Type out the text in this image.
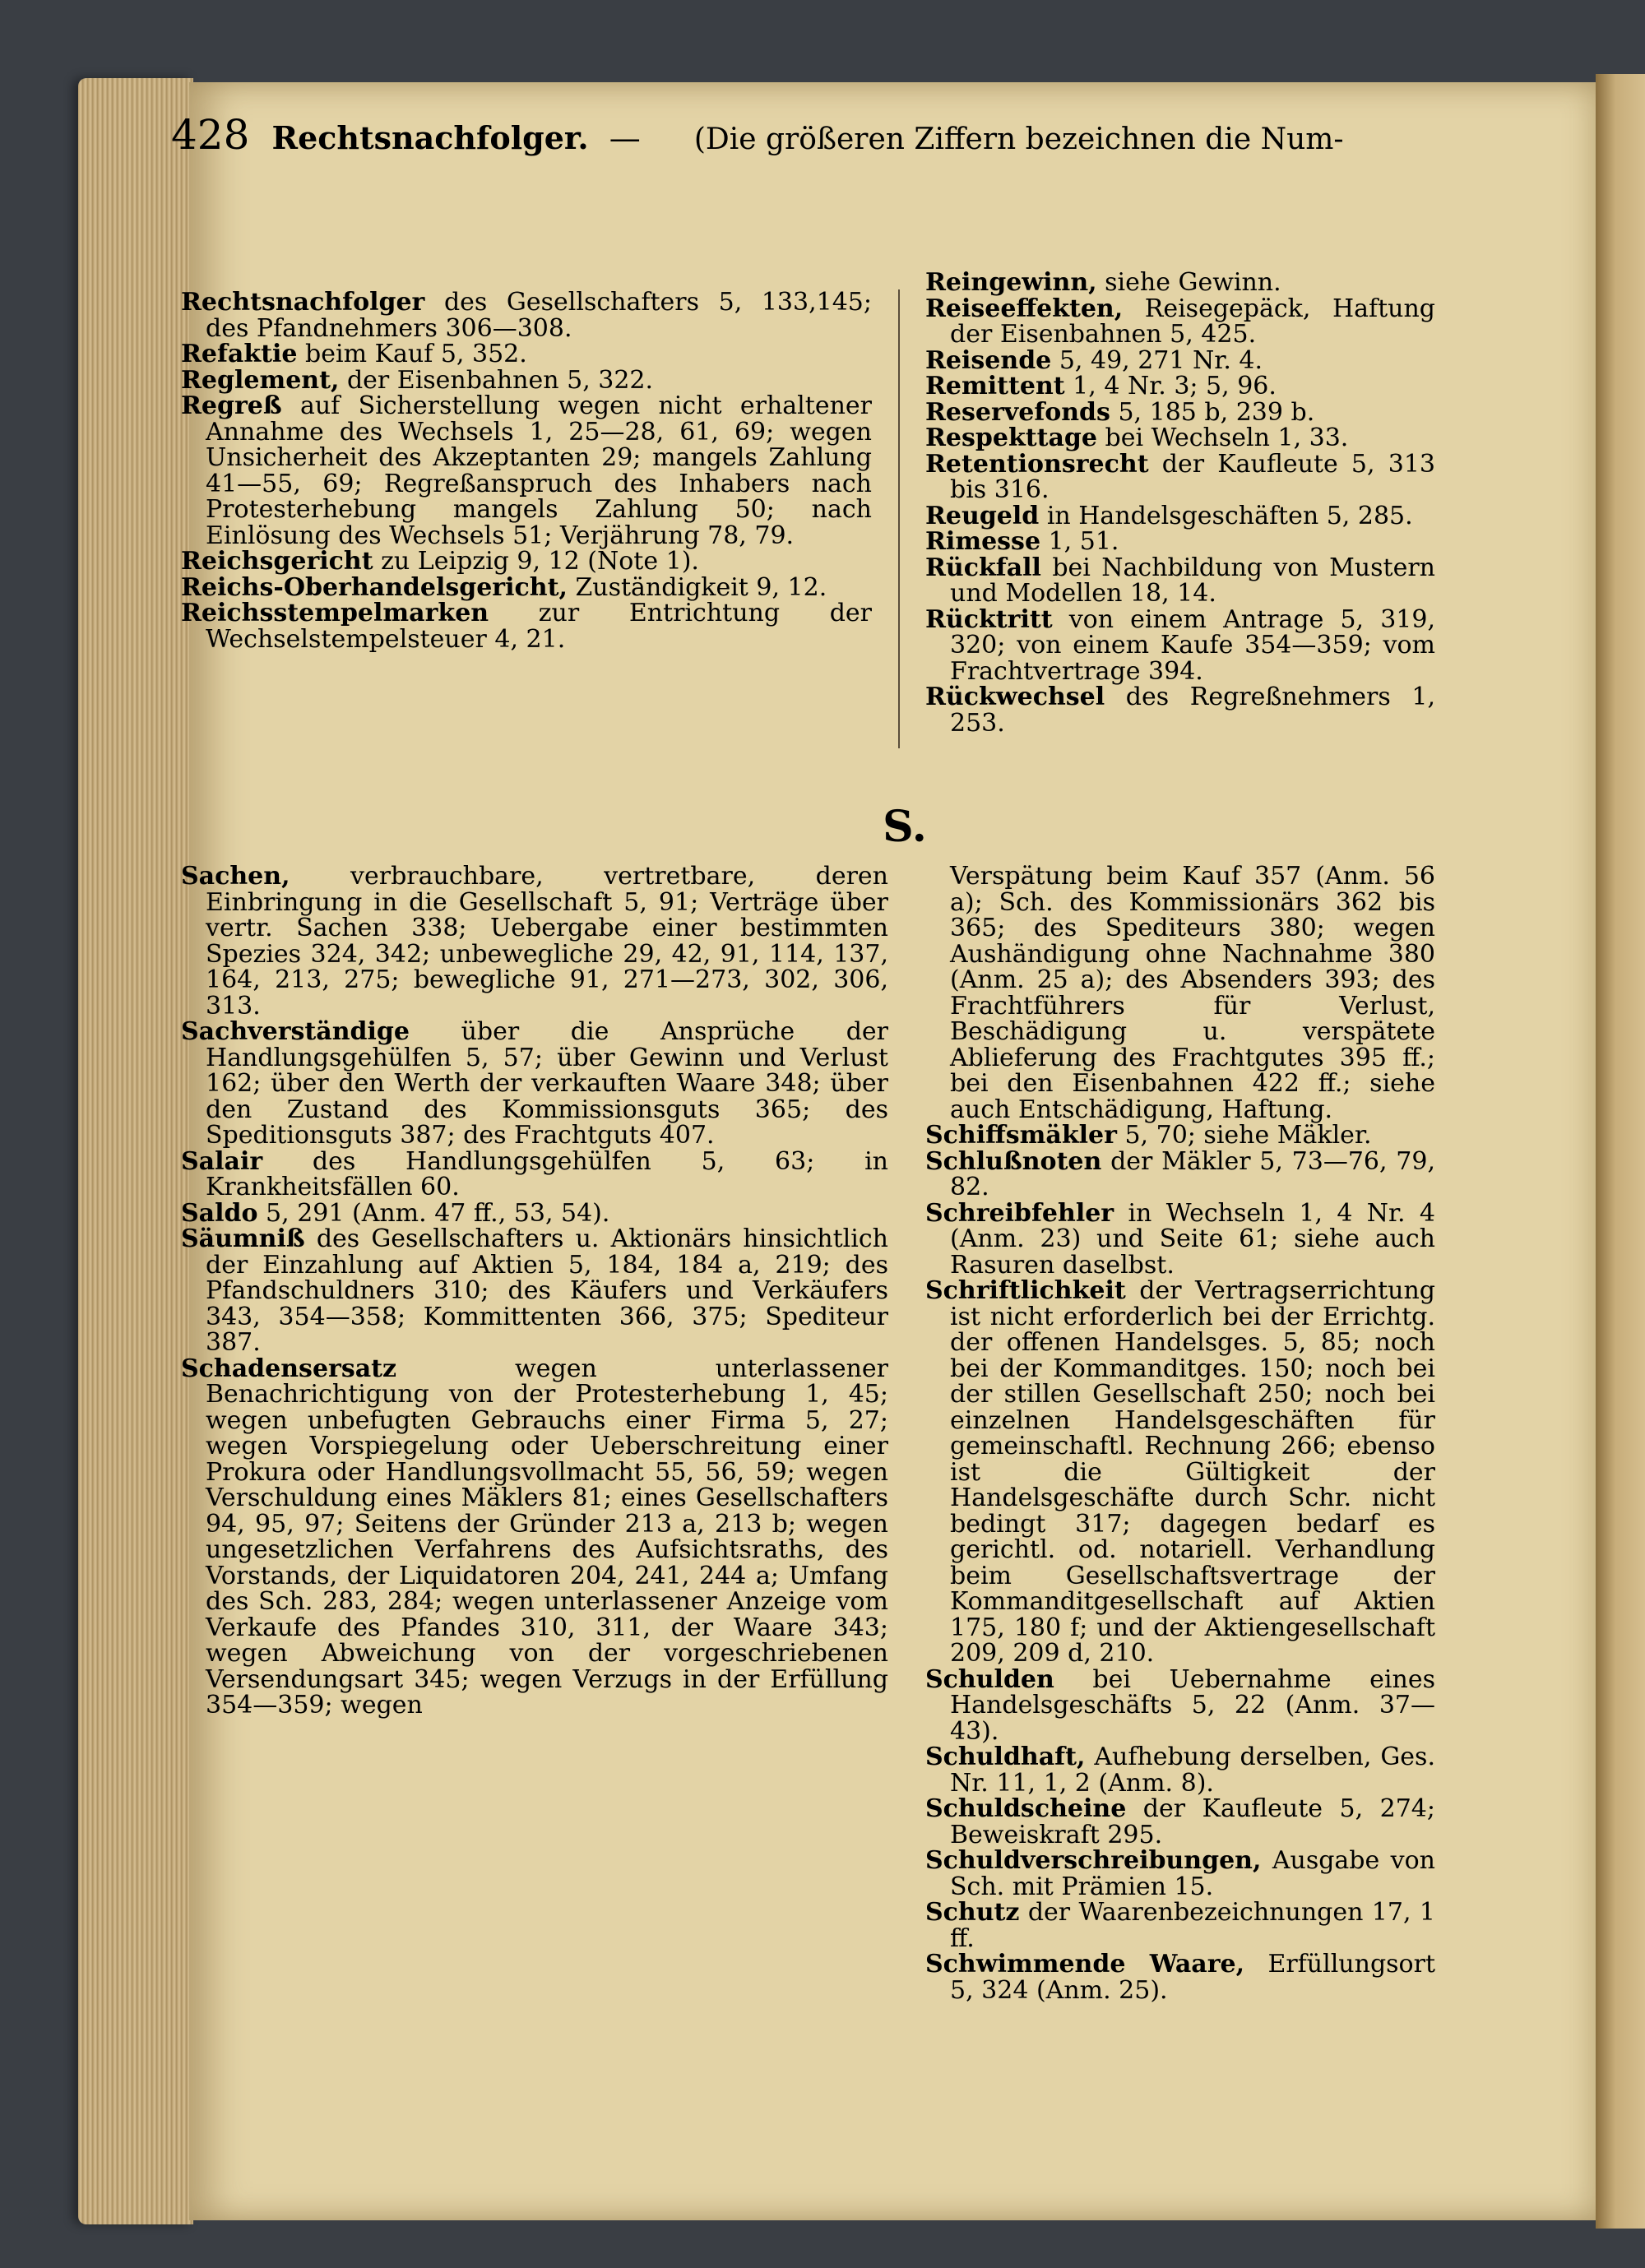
428 Rechtsnachfolger. — (Die größeren Ziffern bezeichnen die Num-

Rechtsnachfolger des Gesellschafters 5, 133,145; des Pfandnehmers 306—308.

Refaktie beim Kauf 5, 352.

Reglement, der Eisenbahnen 5, 322.

Regreß auf Sicherstellung wegen nicht erhaltener Annahme des Wechsels 1, 25—28, 61, 69; wegen Unsicherheit des Akzeptanten 29; mangels Zahlung 41—55, 69; Regreßanspruch des Inhabers nach Protesterhebung mangels Zahlung 50; nach Einlösung des Wechsels 51; Verjährung 78, 79.

Reichsgericht zu Leipzig 9, 12 (Note 1).

Reichs-Oberhandelsgericht, Zuständigkeit 9, 12.

Reichsstempelmarken zur Entrichtung der Wechselstempelsteuer 4, 21.

Reingewinn, siehe Gewinn.

Reiseeffekten, Reisegepäck, Haftung der Eisenbahnen 5, 425.

Reisende 5, 49, 271 Nr. 4.

Remittent 1, 4 Nr. 3; 5, 96.

Reservefonds 5, 185 b, 239 b.

Respekttage bei Wechseln 1, 33.

Retentionsrecht der Kaufleute 5, 313 bis 316.

Reugeld in Handelsgeschäften 5, 285.

Rimesse 1, 51.

Rückfall bei Nachbildung von Mustern und Modellen 18, 14.

Rücktritt von einem Antrage 5, 319, 320; von einem Kaufe 354—359; vom Frachtvertrage 394.

Rückwechsel des Regreßnehmers 1, 253.

S.

Sachen, verbrauchbare, vertretbare, deren Einbringung in die Gesellschaft 5, 91; Verträge über vertr. Sachen 338; Uebergabe einer bestimmten Spezies 324, 342; unbewegliche 29, 42, 91, 114, 137, 164, 213, 275; bewegliche 91, 271—273, 302, 306, 313.

Sachverständige über die Ansprüche der Handlungsgehülfen 5, 57; über Gewinn und Verlust 162; über den Werth der verkauften Waare 348; über den Zustand des Kommissionsguts 365; des Speditionsguts 387; des Frachtguts 407.

Salair des Handlungsgehülfen 5, 63; in Krankheitsfällen 60.

Saldo 5, 291 (Anm. 47 ff., 53, 54).

Säumniß des Gesellschafters u. Aktionärs hinsichtlich der Einzahlung auf Aktien 5, 184, 184 a, 219; des Pfandschuldners 310; des Käufers und Verkäufers 343, 354—358; Kommittenten 366, 375; Spediteur 387.

Schadensersatz wegen unterlassener Benachrichtigung von der Protesterhebung 1, 45; wegen unbefugten Gebrauchs einer Firma 5, 27; wegen Vorspiegelung oder Ueberschreitung einer Prokura oder Handlungsvollmacht 55, 56, 59; wegen Verschuldung eines Mäklers 81; eines Gesellschafters 94, 95, 97; Seitens der Gründer 213 a, 213 b; wegen ungesetzlichen Verfahrens des Aufsichtsraths, des Vorstands, der Liquidatoren 204, 241, 244 a; Umfang des Sch. 283, 284; wegen unterlassener Anzeige vom Verkaufe des Pfandes 310, 311, der Waare 343; wegen Abweichung von der vorgeschriebenen Versendungsart 345; wegen Verzugs in der Erfüllung 354—359; wegen

Verspätung beim Kauf 357 (Anm. 56 a); Sch. des Kommissionärs 362 bis 365; des Spediteurs 380; wegen Aushändigung ohne Nachnahme 380 (Anm. 25 a); des Absenders 393; des Frachtführers für Verlust, Beschädigung u. verspätete Ablieferung des Frachtgutes 395 ff.; bei den Eisenbahnen 422 ff.; siehe auch Entschädigung, Haftung.

Schiffsmäkler 5, 70; siehe Mäkler.

Schlußnoten der Mäkler 5, 73—76, 79, 82.

Schreibfehler in Wechseln 1, 4 Nr. 4 (Anm. 23) und Seite 61; siehe auch Rasuren daselbst.

Schriftlichkeit der Vertragserrichtung ist nicht erforderlich bei der Errichtg. der offenen Handelsges. 5, 85; noch bei der Kommanditges. 150; noch bei der stillen Gesellschaft 250; noch bei einzelnen Handelsgeschäften für gemeinschaftl. Rechnung 266; ebenso ist die Gültigkeit der Handelsgeschäfte durch Schr. nicht bedingt 317; dagegen bedarf es gerichtl. od. notariell. Verhandlung beim Gesellschaftsvertrage der Kommanditgesellschaft auf Aktien 175, 180 f; und der Aktiengesellschaft 209, 209 d, 210.

Schulden bei Uebernahme eines Handelsgeschäfts 5, 22 (Anm. 37—43).

Schuldhaft, Aufhebung derselben, Ges. Nr. 11, 1, 2 (Anm. 8).

Schuldscheine der Kaufleute 5, 274; Beweiskraft 295.

Schuldverschreibungen, Ausgabe von Sch. mit Prämien 15.

Schutz der Waarenbezeichnungen 17, 1 ff.

Schwimmende Waare, Erfüllungsort 5, 324 (Anm. 25).
